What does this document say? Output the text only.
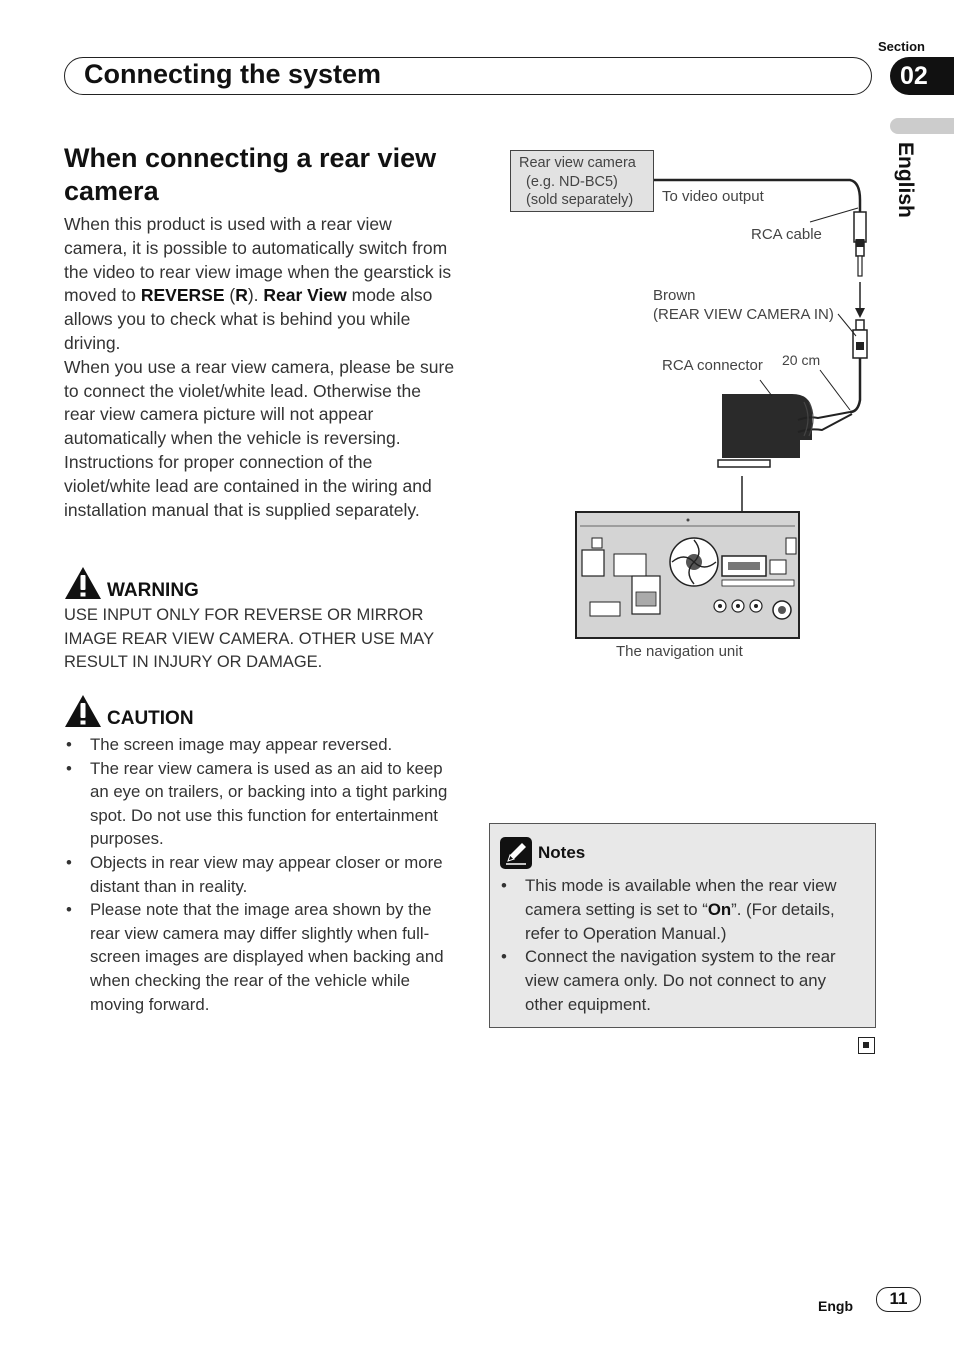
Connecting the system
Section
02
English
When connecting a rear view camera

When this product is used with a rear view camera, it is possible to automatically switch from the video to rear view image when the gearstick is moved to REVERSE (R). Rear View mode also allows you to check what is behind you while driving.

When you use a rear view camera, please be sure to connect the violet/white lead. Otherwise the rear view camera picture will not appear automatically when the vehicle is reversing.

Instructions for proper connection of the violet/white lead are contained in the wiring and installation manual that is supplied separately.

WARNING
USE INPUT ONLY FOR REVERSE OR MIRROR IMAGE REAR VIEW CAMERA. OTHER USE MAY RESULT IN INJURY OR DAMAGE.
CAUTION
• The screen image may appear reversed.
• The rear view camera is used as an aid to keep an eye on trailers, or backing into a tight parking spot. Do not use this function for entertainment purposes.
• Objects in rear view may appear closer or more distant than in reality.
• Please note that the image area shown by the rear view camera may differ slightly when full-screen images are displayed when backing and when checking the rear of the vehicle while moving forward.
Rear view camera
(e.g. ND-BC5)
(sold separately)	To video output
RCA cable
Brown
(REAR VIEW CAMERA IN)
RCA connector 20 cm
The navigation unit
Notes
• This mode is available when the rear view camera setting is set to “On”. (For details, refer to Operation Manual.)
• Connect the navigation system to the rear view camera only. Do not connect to any other equipment.
Engb	11
